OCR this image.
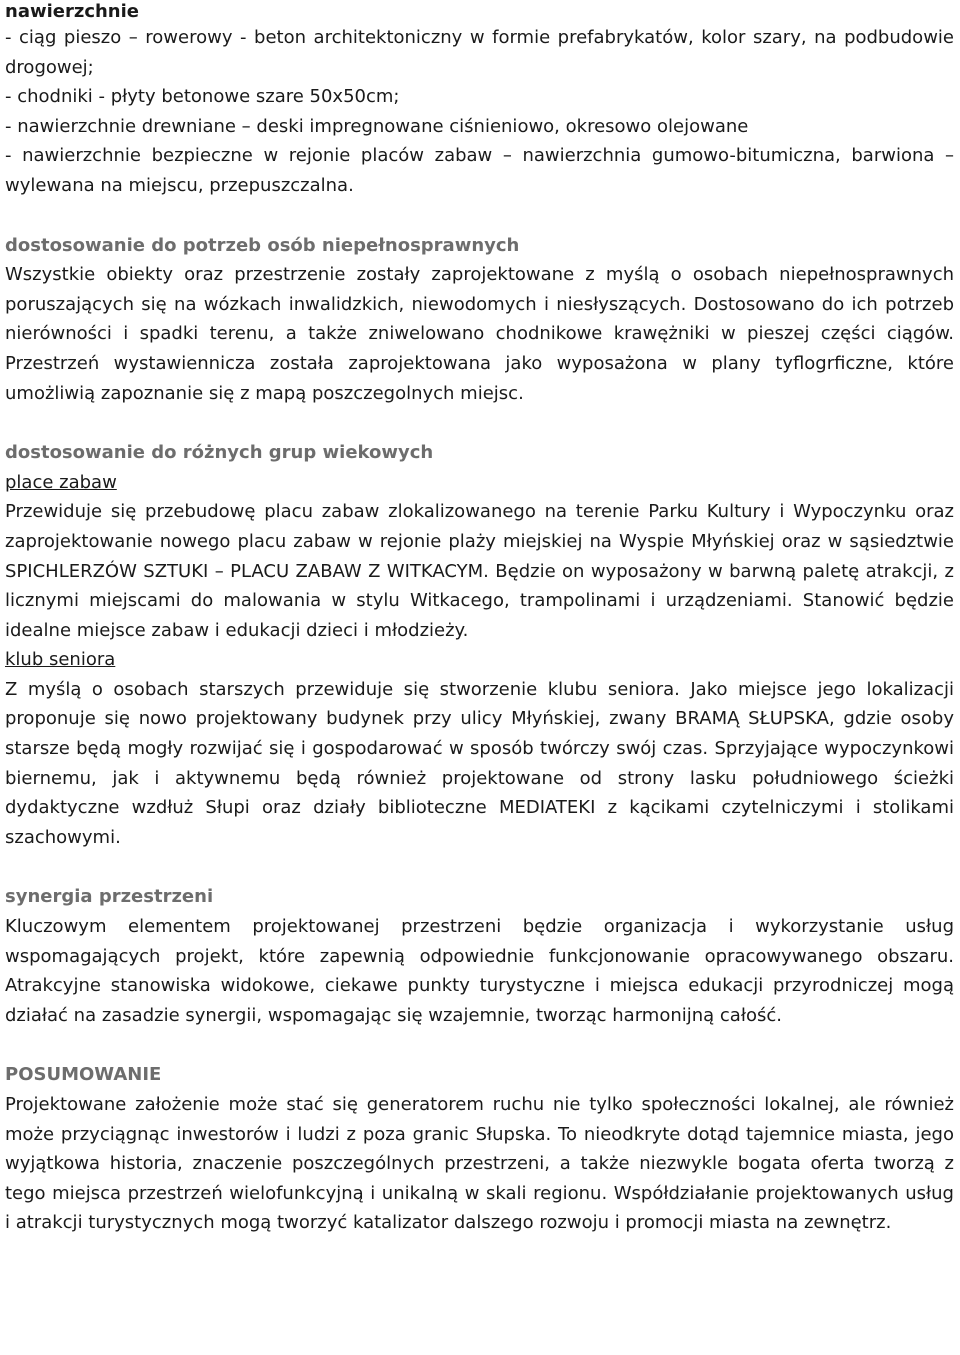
nawierzchnie

- ciąg pieszo – rowerowy - beton architektoniczny w formie prefabrykatów, kolor szary, na podbudowie drogowej;

- chodniki - płyty betonowe szare 50x50cm;

- nawierzchnie drewniane – deski impregnowane ciśnieniowo, okresowo olejowane

- nawierzchnie bezpieczne w rejonie placów zabaw – nawierzchnia gumowo-bitumiczna, barwiona – wylewana na miejscu, przepuszczalna.

dostosowanie do potrzeb osób niepełnosprawnych

Wszystkie obiekty oraz przestrzenie zostały zaprojektowane z myślą o osobach niepełnosprawnych poruszających się na wózkach inwalidzkich, niewodomych i niesłyszących. Dostosowano do ich potrzeb nierówności i spadki terenu, a także zniwelowano chodnikowe krawężniki w pieszej części ciągów. Przestrzeń wystawiennicza została zaprojektowana jako wyposażona w plany tyflogrficzne, które umożliwią zapoznanie się z mapą poszczegolnych miejsc.

dostosowanie do różnych grup wiekowych

place zabaw

Przewiduje się przebudowę placu zabaw zlokalizowanego na terenie Parku Kultury i Wypoczynku oraz zaprojektowanie nowego placu zabaw w rejonie plaży miejskiej na Wyspie Młyńskiej oraz w sąsiedztwie SPICHLERZÓW SZTUKI – PLACU ZABAW Z WITKACYM. Będzie on wyposażony w barwną paletę atrakcji, z licznymi miejscami do malowania w stylu Witkacego, trampolinami i urządzeniami. Stanowić będzie idealne miejsce zabaw i edukacji dzieci i młodzieży.

klub seniora

Z myślą o osobach starszych przewiduje się stworzenie klubu seniora. Jako miejsce jego lokalizacji proponuje się nowo projektowany budynek przy ulicy Młyńskiej, zwany BRAMĄ SŁUPSKA, gdzie osoby starsze będą mogły rozwijać się i gospodarować w sposób twórczy swój czas. Sprzyjające wypoczynkowi biernemu, jak i aktywnemu będą również projektowane od strony lasku południowego ścieżki dydaktyczne wzdłuż Słupi oraz działy biblioteczne MEDIATEKI z kącikami czytelniczymi i stolikami szachowymi.

synergia przestrzeni

Kluczowym elementem projektowanej przestrzeni będzie organizacja i wykorzystanie usług wspomagających projekt, które zapewnią odpowiednie funkcjonowanie opracowywanego obszaru. Atrakcyjne stanowiska widokowe, ciekawe punkty turystyczne i miejsca edukacji przyrodniczej mogą działać na zasadzie synergii, wspomagając się wzajemnie, tworząc harmonijną całość.

POSUMOWANIE

Projektowane założenie może stać się generatorem ruchu nie tylko społeczności lokalnej, ale również może przyciągnąc inwestorów i ludzi z poza granic Słupska. To nieodkryte dotąd tajemnice miasta, jego wyjątkowa historia, znaczenie poszczególnych przestrzeni, a także niezwykle bogata oferta tworzą z tego miejsca przestrzeń wielofunkcyjną i unikalną w skali regionu. Współdziałanie projektowanych usług i atrakcji turystycznych mogą tworzyć katalizator dalszego rozwoju i promocji miasta na zewnętrz.
